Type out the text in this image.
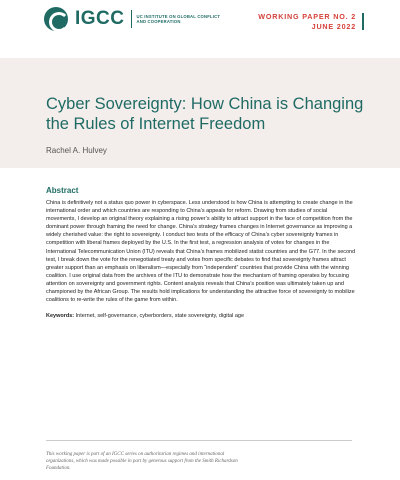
IGCC	UC INSTITUTE ON GLOBAL CONFLICT AND COOPERATION
WORKING PAPER NO. 2
JUNE 2022
Cyber Sovereignty: How China is Changing the Rules of Internet Freedom
Rachel A. Hulvey
Abstract

China is definitively not a status quo power in cyberspace. Less understood is how China is attempting to create change in the international order and which countries are responding to China’s appeals for reform. Drawing from studies of social movements, I develop an original theory explaining a rising power’s ability to attract support in the face of competition from the dominant power through framing the need for change. China’s strategy frames changes in Internet governance as improving a widely cherished value: the right to sovereignty. I conduct two tests of the efficacy of China’s cyber sovereignty frames in competition with liberal frames deployed by the U.S. In the first test, a regression analysis of votes for changes in the International Telecommunication Union (ITU) reveals that China’s frames mobilized statist countries and the G77. In the second test, I break down the vote for the renegotiated treaty and votes from specific debates to find that sovereignty frames attract greater support than an emphasis on liberalism—especially from “independent” countries that provide China with the winning coalition. I use original data from the archives of the ITU to demonstrate how the mechanism of framing operates by focusing attention on sovereignty and government rights. Content analysis reveals that China’s position was ultimately taken up and championed by the African Group. The results hold implications for understanding the attractive force of sovereignty to mobilize coalitions to re-write the rules of the game from within.

Keywords: Internet, self-governance, cyberborders, state sovereignty, digital age

This working paper is part of an IGCC series on authoritarian regimes and international organizations, which was made possible in part by generous support from the Smith Richardson Foundation.
